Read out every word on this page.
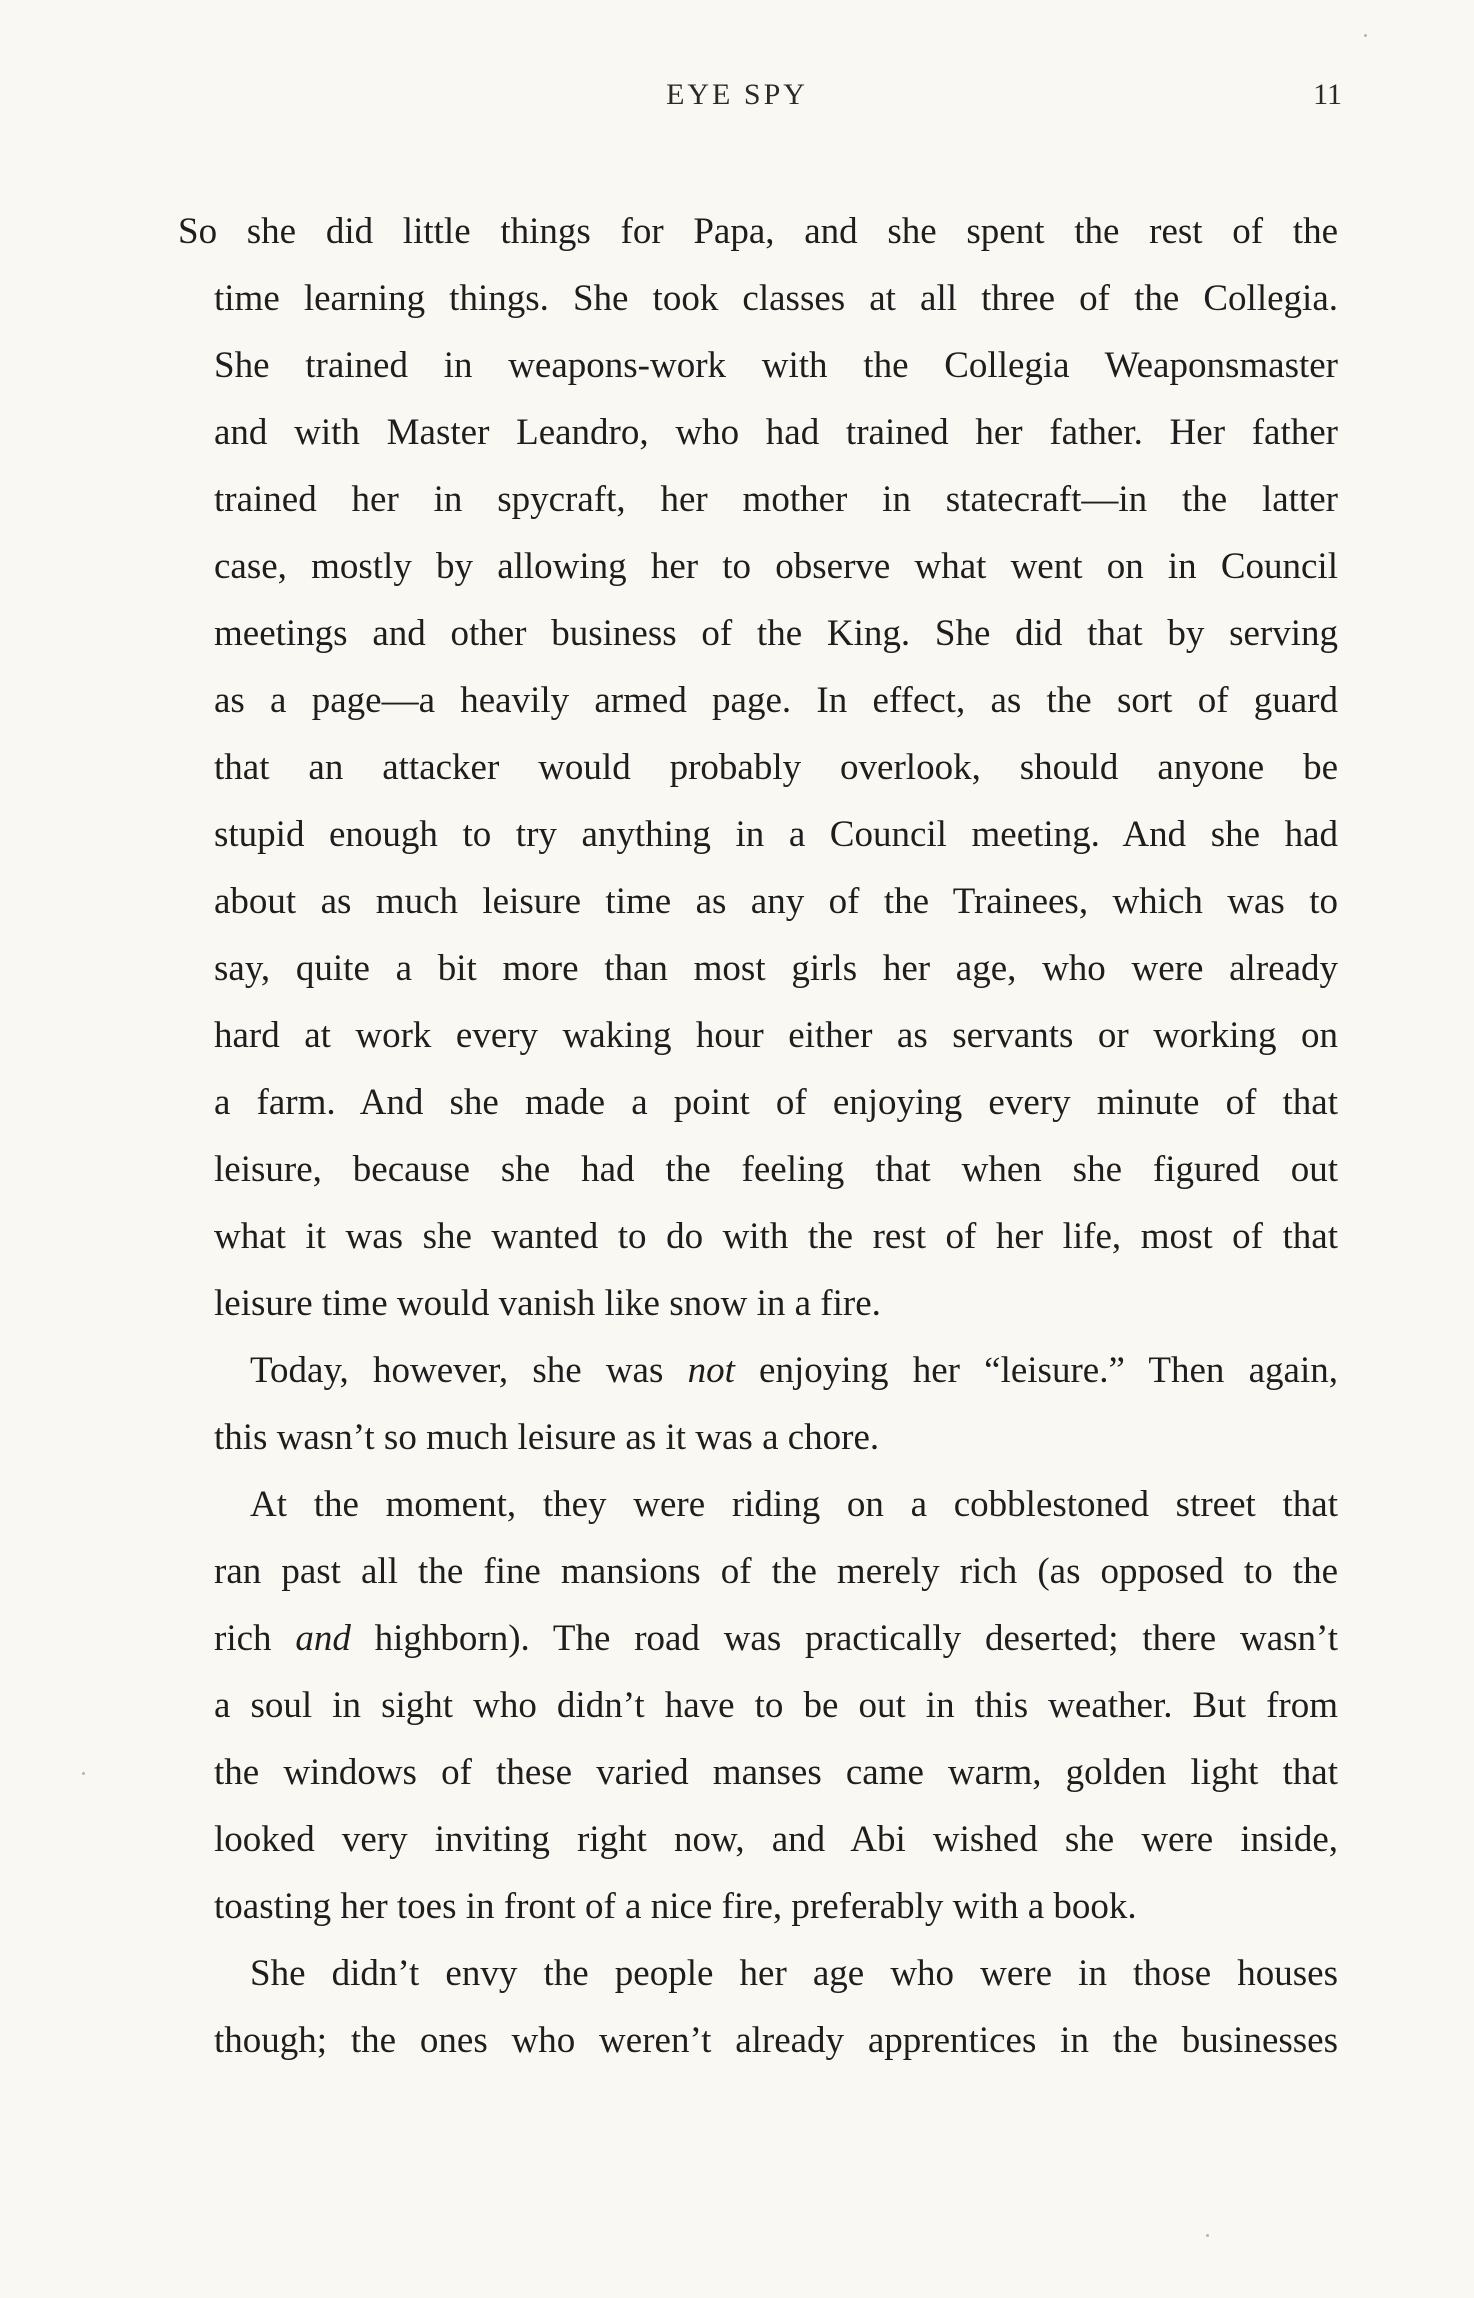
EYE SPY	11
So she did little things for Papa, and she spent the rest of the
time learning things. She took classes at all three of the Collegia.
She trained in weapons-work with the Collegia Weaponsmaster
and with Master Leandro, who had trained her father. Her father
trained her in spycraft, her mother in statecraft—in the latter
case, mostly by allowing her to observe what went on in Council
meetings and other business of the King. She did that by serving
as a page—a heavily armed page. In effect, as the sort of guard
that an attacker would probably overlook, should anyone be
stupid enough to try anything in a Council meeting. And she had
about as much leisure time as any of the Trainees, which was to
say, quite a bit more than most girls her age, who were already
hard at work every waking hour either as servants or working on
a farm. And she made a point of enjoying every minute of that
leisure, because she had the feeling that when she figured out
what it was she wanted to do with the rest of her life, most of that
leisure time would vanish like snow in a fire.
Today, however, she was not enjoying her “leisure.” Then again,
this wasn’t so much leisure as it was a chore.
At the moment, they were riding on a cobblestoned street that
ran past all the fine mansions of the merely rich (as opposed to the
rich and highborn). The road was practically deserted; there wasn’t
a soul in sight who didn’t have to be out in this weather. But from
the windows of these varied manses came warm, golden light that
looked very inviting right now, and Abi wished she were inside,
toasting her toes in front of a nice fire, preferably with a book.
She didn’t envy the people her age who were in those houses
though; the ones who weren’t already apprentices in the businesses
